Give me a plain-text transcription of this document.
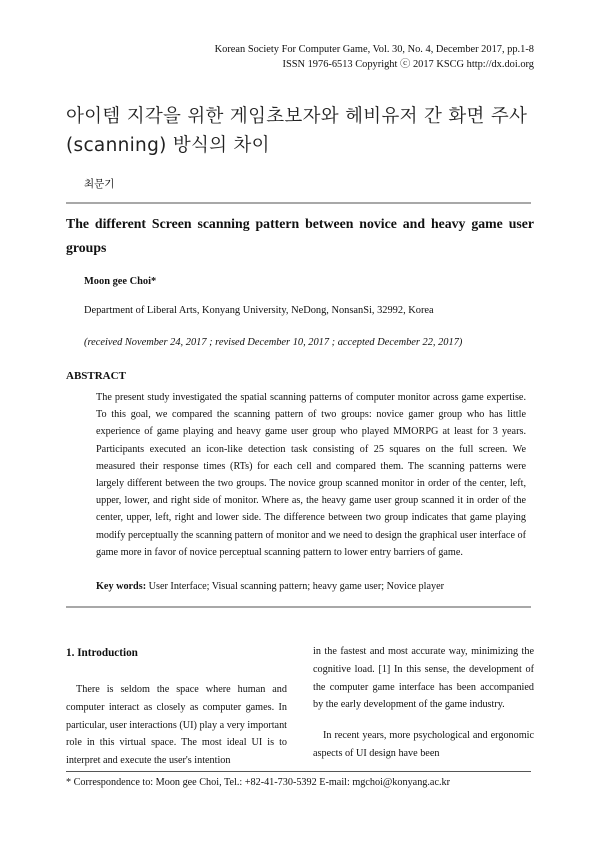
Korean Society For Computer Game, Vol. 30, No. 4, December 2017, pp.1-8
ISSN 1976-6513 Copyright ⓒ 2017 KSCG http://dx.doi.org
아이템 지각을 위한 게임초보자와 헤비유저 간 화면 주사
(scanning) 방식의 차이
최문기
The different Screen scanning pattern between novice and heavy game user
groups
Moon gee Choi*
Department of Liberal Arts, Konyang University, NeDong, NonsanSi, 32992, Korea
(received November 24, 2017 ; revised December 10, 2017 ; accepted December 22, 2017)
ABSTRACT
The present study investigated the spatial scanning patterns of computer monitor across game expertise. To this goal, we compared the scanning pattern of two groups: novice gamer group who has little experience of game playing and heavy game user group who played MMORPG at least for 3 years. Participants executed an icon-like detection task consisting of 25 squares on the full screen. We measured their response times (RTs) for each cell and compared them. The scanning patterns were largely different between the two groups. The novice group scanned monitor in order of the center, left, upper, lower, and right side of monitor. Where as, the heavy game user group scanned it in order of the center, upper, left, right and lower side. The difference between two group indicates that game playing modify perceptually the scanning pattern of monitor and we need to design the graphical user interface of game more in favor of novice perceptual scanning pattern to lower entry barriers of game.
Key words: User Interface; Visual scanning pattern; heavy game user; Novice player
1. Introduction
There is seldom the space where human and computer interact as closely as computer games. In particular, user interactions (UI) play a very important role in this virtual space. The most ideal UI is to interpret and execute the user's intention
in the fastest and most accurate way, minimizing the cognitive load. [1] In this sense, the development of the computer game interface has been accompanied by the early development of the game industry.
In recent years, more psychological and ergonomic aspects of UI design have been
* Correspondence to: Moon gee Choi, Tel.: +82-41-730-5392 E-mail: mgchoi@konyang.ac.kr
